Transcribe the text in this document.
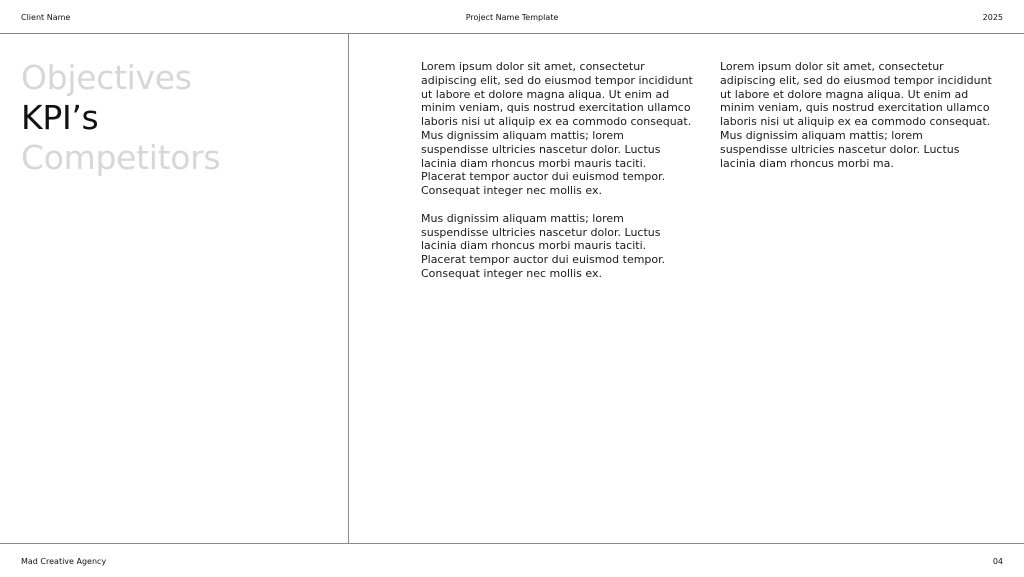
Client Name	Project Name Template	2025
Objectives
KPI’s
Competitors

Lorem ipsum dolor sit amet, consectetur adipiscing elit, sed do eiusmod tempor incididunt ut labore et dolore magna aliqua. Ut enim ad minim veniam, quis nostrud exercitation ullamco laboris nisi ut aliquip ex ea commodo consequat. Mus dignissim aliquam mattis; lorem suspendisse ultricies nascetur dolor. Luctus lacinia diam rhoncus morbi mauris taciti. Placerat tempor auctor dui euismod tempor. Consequat integer nec mollis ex.

Mus dignissim aliquam mattis; lorem suspendisse ultricies nascetur dolor. Luctus lacinia diam rhoncus morbi mauris taciti. Placerat tempor auctor dui euismod tempor. Consequat integer nec mollis ex.

Lorem ipsum dolor sit amet, consectetur adipiscing elit, sed do eiusmod tempor incididunt ut labore et dolore magna aliqua. Ut enim ad minim veniam, quis nostrud exercitation ullamco laboris nisi ut aliquip ex ea commodo consequat. Mus dignissim aliquam mattis; lorem suspendisse ultricies nascetur dolor. Luctus lacinia diam rhoncus morbi ma.

Mad Creative Agency	04
